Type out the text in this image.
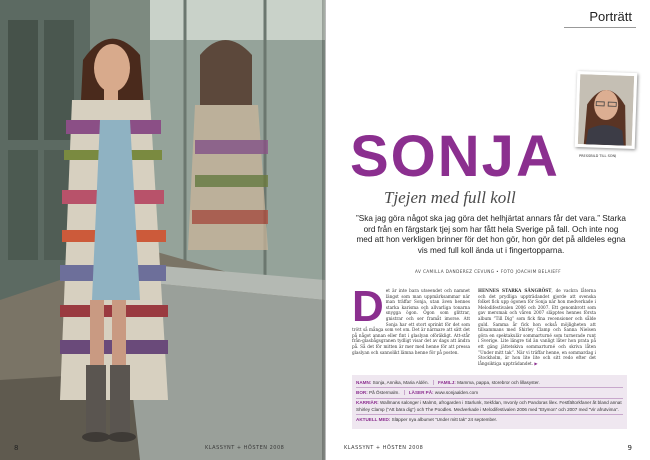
8	KLASSYNT + HÖSTEN 2008
Porträtt
PRESSBILD TILL SONJ
SONJA
Tjejen med full koll

”Ska jag göra något ska jag göra det helhjärtat annars får det vara.” Starka ord från en färgstark tjej som har fått hela Sverige på fall. Och inte nog med att hon verkligen brinner för det hon gör, hon gör det på alldeles egna vis med full koll ända ut i fingertopparna.

AV CAMILLA DANDEREZ CEVUNG • FOTO JOACHIM BELAIEFF
Det är inte bara utseendet och namnet längst som man uppmärksammar när man träffar Sonja, utan även hennes starka karisma och allvarliga tonarna snygga ögon. Ögon som glittrar, gnistrar och ser framåt imorse. Att Sonja har ett stort sprinkt för det som trött så många som vet om. Det är närmare att sätt det på något annan eller fint i glaslyan oföräkligt. Att-står från-glasbågsgranen tydligt visar det av dags att ändra på. Så det för mitten är mer med henne för att pressa glaslyan och sannolikt lämna henne för på posten.
HENNES STARKA SÅNGRÖST, de vackra låterna och det prydliga uppträdandet gjorde att svenska folket fick upp ögonen för Sonja när hon medverkade i Melodifestivalen 2006 och 2007. Ett genombrott som gav mersmak och våren 2007 släpptes hennes första album ”Till Dig” som fick fina recensioner och sålde guld. Samma år fick hon också möjligheten att tillsammans med Shirley Clamp och Sanna Nielsen göra en spektakulär sommarturné som turnerade runt i Sverige. Lite längre tid än vanligt låter hon prata på ett gäng jättetskiva sommarturné och skriva låten ”Under mitt tak”. När vi träffar henne, en sommardag i Stockholm, är hon lite lite och sitt redo efter det långsiktiga uppträdandet. ▶
NAMN: Sonja, Annika, Maria Aldén. FAMILJ: Mamma, pappa, storebror och lillasyster.
BOR: På Östermalm. LÄSER PÅ: www.sonjaalden.com
KARRIÄR: Wallmans salonger i Malmö, afrogarden i Starlunk, Sekfdan, Invonly och Pandoras lilex. Festfältorkfaner åt bland annat Shirley Clamp (”Att bära dig”) och The Poodles. Medverkade i Melodifestivalen 2006 med ”Etymon” och 2007 med ”Vir afrutvima”.
AKTUELL MED: Släpper nya albumet ”Under mitt tak” 24 september.
KLASSYNT + HÖSTEN 2008	9
